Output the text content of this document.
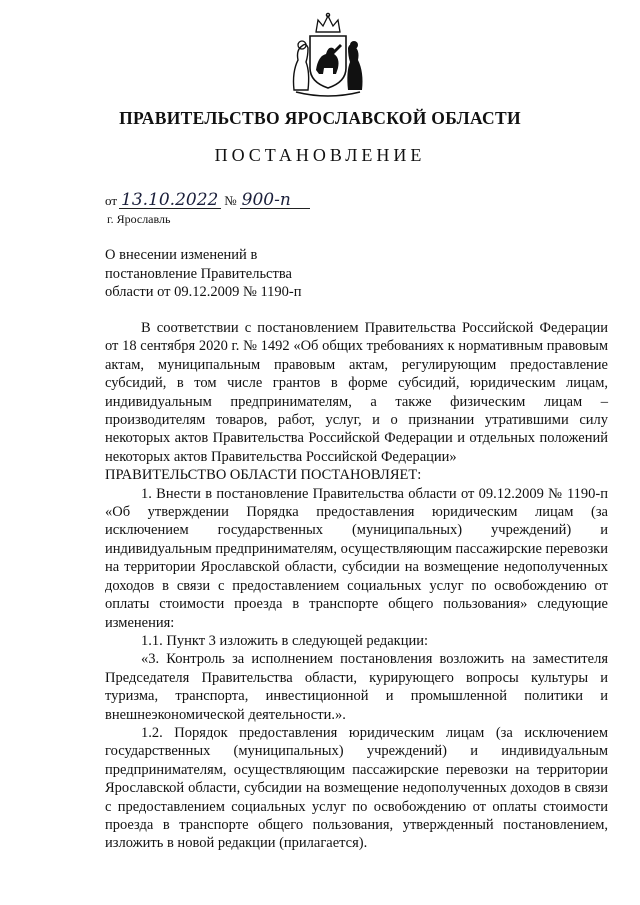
ПРАВИТЕЛЬСТВО ЯРОСЛАВСКОЙ ОБЛАСТИ
ПОСТАНОВЛЕНИЕ
от 13.10.2022 № 900-п
г. Ярославль
О внесении изменений в
постановление Правительства
области от 09.12.2009 № 1190-п

В соответствии с постановлением Правительства Российской Федерации от 18 сентября 2020 г. № 1492 «Об общих требованиях к нормативным правовым актам, муниципальным правовым актам, регулирующим предоставление субсидий, в том числе грантов в форме субсидий, юридическим лицам, индивидуальным предпринимателям, а также физическим лицам – производителям товаров, работ, услуг, и о признании утратившими силу некоторых актов Правительства Российской Федерации и отдельных положений некоторых актов Правительства Российской Федерации»

ПРАВИТЕЛЬСТВО ОБЛАСТИ ПОСТАНОВЛЯЕТ:

1. Внести в постановление Правительства области от 09.12.2009 № 1190-п «Об утверждении Порядка предоставления юридическим лицам (за исключением государственных (муниципальных) учреждений) и индивидуальным предпринимателям, осуществляющим пассажирские перевозки на территории Ярославской области, субсидии на возмещение недополученных доходов в связи с предоставлением социальных услуг по освобождению от оплаты стоимости проезда в транспорте общего пользования» следующие изменения:

1.1. Пункт 3 изложить в следующей редакции:

«3. Контроль за исполнением постановления возложить на заместителя Председателя Правительства области, курирующего вопросы культуры и туризма, транспорта, инвестиционной и промышленной политики и внешнеэкономической деятельности.».

1.2. Порядок предоставления юридическим лицам (за исключением государственных (муниципальных) учреждений) и индивидуальным предпринимателям, осуществляющим пассажирские перевозки на территории Ярославской области, субсидии на возмещение недополученных доходов в связи с предоставлением социальных услуг по освобождению от оплаты стоимости проезда в транспорте общего пользования, утвержденный постановлением, изложить в новой редакции (прилагается).
